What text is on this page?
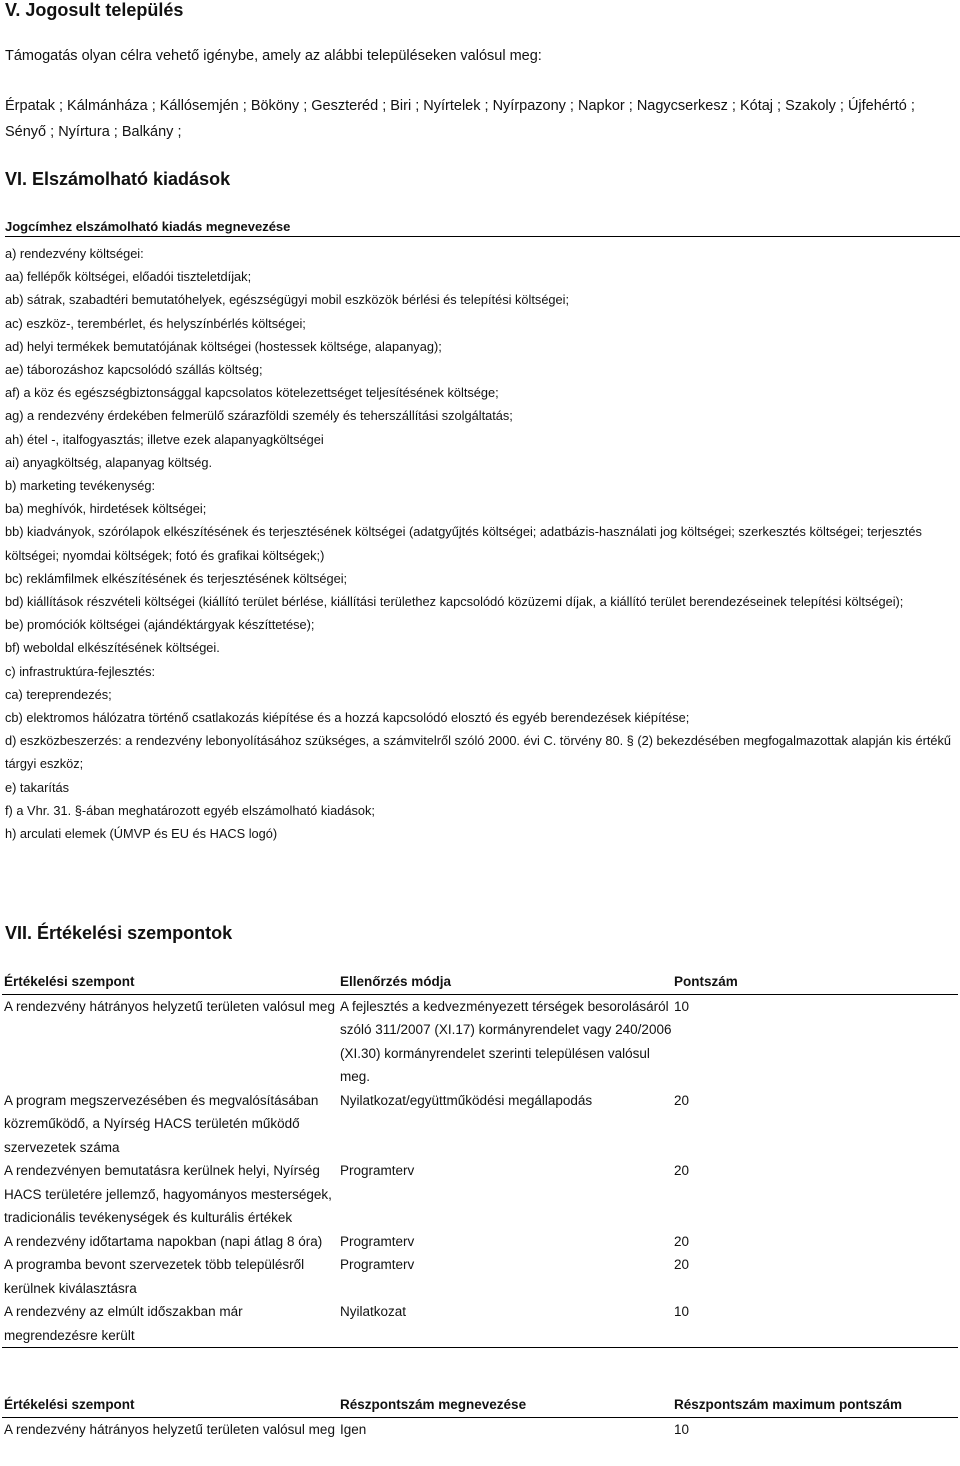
V. Jogosult település
Támogatás olyan célra vehető igénybe, amely az alábbi településeken valósul meg:
Érpatak ; Kálmánháza ; Kállósemjén ; Bököny ; Geszteréd ; Biri ; Nyírtelek ; Nyírpazony ; Napkor ; Nagycserkesz ; Kótaj ; Szakoly ; Újfehértó ; Sényő ; Nyírtura ; Balkány ;
VI. Elszámolható kiadások
Jogcímhez elszámolható kiadás megnevezése
a) rendezvény költségei:
aa) fellépők költségei, előadói tiszteletdíjak;
ab) sátrak, szabadtéri bemutatóhelyek, egészségügyi mobil eszközök bérlési és telepítési költségei;
ac) eszköz-, terembérlet, és helyszínbérlés költségei;
ad) helyi termékek bemutatójának költségei (hostessek költsége, alapanyag);
ae) táborozáshoz kapcsolódó szállás költség;
af) a köz és egészségbiztonsággal kapcsolatos kötelezettséget teljesítésének költsége;
ag) a rendezvény érdekében felmerülő szárazföldi személy és teherszállítási szolgáltatás;
ah) étel -, italfogyasztás; illetve ezek alapanyagköltségei
ai) anyagköltség, alapanyag költség.
b) marketing tevékenység:
ba) meghívók, hirdetések költségei;
bb) kiadványok, szórólapok elkészítésének és terjesztésének költségei (adatgyűjtés költségei; adatbázis-használati jog költségei; szerkesztés költségei; terjesztés költségei; nyomdai költségek; fotó és grafikai költségek;)
bc) reklámfilmek elkészítésének és terjesztésének költségei;
bd) kiállítások részvételi költségei (kiállító terület bérlése, kiállítási területhez kapcsolódó közüzemi díjak, a kiállító terület berendezéseinek telepítési költségei);
be) promóciók költségei (ajándéktárgyak készíttetése);
bf) weboldal elkészítésének költségei.
c) infrastruktúra-fejlesztés:
ca) tereprendezés;
cb) elektromos hálózatra történő csatlakozás kiépítése és a hozzá kapcsolódó elosztó és egyéb berendezések kiépítése;
d) eszközbeszerzés: a rendezvény lebonyolításához szükséges, a számvitelről szóló 2000. évi C. törvény 80. § (2) bekezdésében megfogalmazottak alapján kis értékű tárgyi eszköz;
e) takarítás
f) a Vhr. 31. §-ában meghatározott egyéb elszámolható kiadások;
h) arculati elemek (ÚMVP és EU és HACS logó)
VII. Értékelési szempontok
Értékelési szempont	Ellenőrzés módja	Pontszám
A rendezvény hátrányos helyzetű területen valósul meg	A fejlesztés a kedvezményezett térségek besorolásáról szóló 311/2007 (XI.17) kormányrendelet vagy 240/2006 (XI.30) kormányrendelet szerinti településen valósul meg.	10
A program megszervezésében és megvalósításában közreműködő, a Nyírség HACS területén működő szervezetek száma	Nyilatkozat/együttműködési megállapodás	20
A rendezvényen bemutatásra kerülnek helyi, Nyírség HACS területére jellemző, hagyományos mesterségek, tradicionális tevékenységek és kulturális értékek	Programterv	20
A rendezvény időtartama napokban (napi átlag 8 óra)	Programterv	20
A programba bevont szervezetek több településről kerülnek kiválasztásra	Programterv	20
A rendezvény az elmúlt időszakban már megrendezésre került	Nyilatkozat	10
Értékelési szempont	Részpontszám megnevezése	Részpontszám maximum pontszám
A rendezvény hátrányos helyzetű területen valósul meg	Igen	10
